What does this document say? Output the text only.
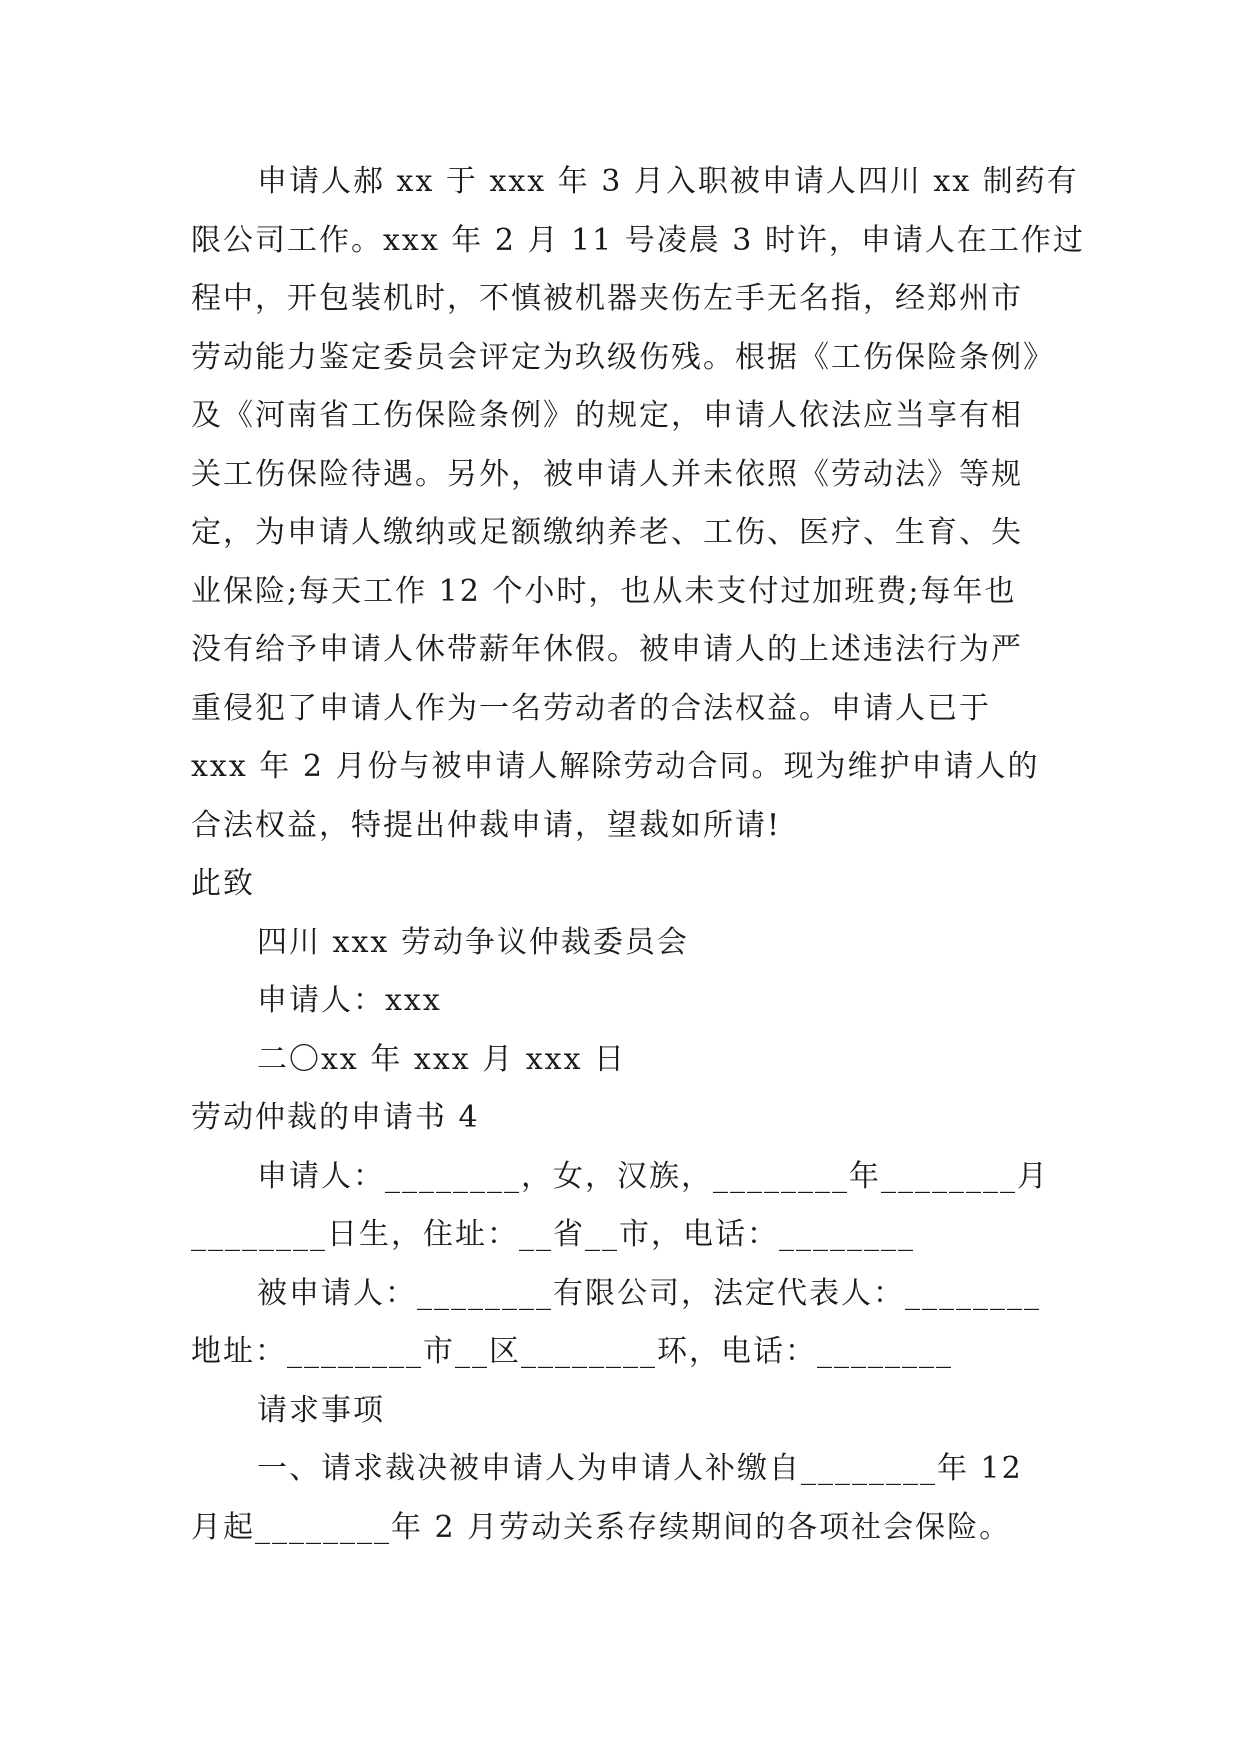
申请人郝 xx 于 xxx 年 3 月入职被申请人四川 xx 制药有
限公司工作。xxx 年 2 月 11 号凌晨 3 时许，申请人在工作过
程中，开包装机时，不慎被机器夹伤左手无名指，经郑州市
劳动能力鉴定委员会评定为玖级伤残。根据《工伤保险条例》
及《河南省工伤保险条例》的规定，申请人依法应当享有相
关工伤保险待遇。另外，被申请人并未依照《劳动法》等规
定，为申请人缴纳或足额缴纳养老、工伤、医疗、生育、失
业保险;每天工作 12 个小时，也从未支付过加班费;每年也
没有给予申请人休带薪年休假。被申请人的上述违法行为严
重侵犯了申请人作为一名劳动者的合法权益。申请人已于
xxx 年 2 月份与被申请人解除劳动合同。现为维护申请人的
合法权益，特提出仲裁申请，望裁如所请!
此致
四川 xxx 劳动争议仲裁委员会
申请人：xxx
二〇xx 年 xxx 月 xxx 日
劳动仲裁的申请书 4
申请人：________，女，汉族，________年________月
________日生，住址：__省__市，电话：________
被申请人：________有限公司，法定代表人：________
地址：________市__区________环，电话：________
请求事项
一、请求裁决被申请人为申请人补缴自________年 12
月起________年 2 月劳动关系存续期间的各项社会保险。
